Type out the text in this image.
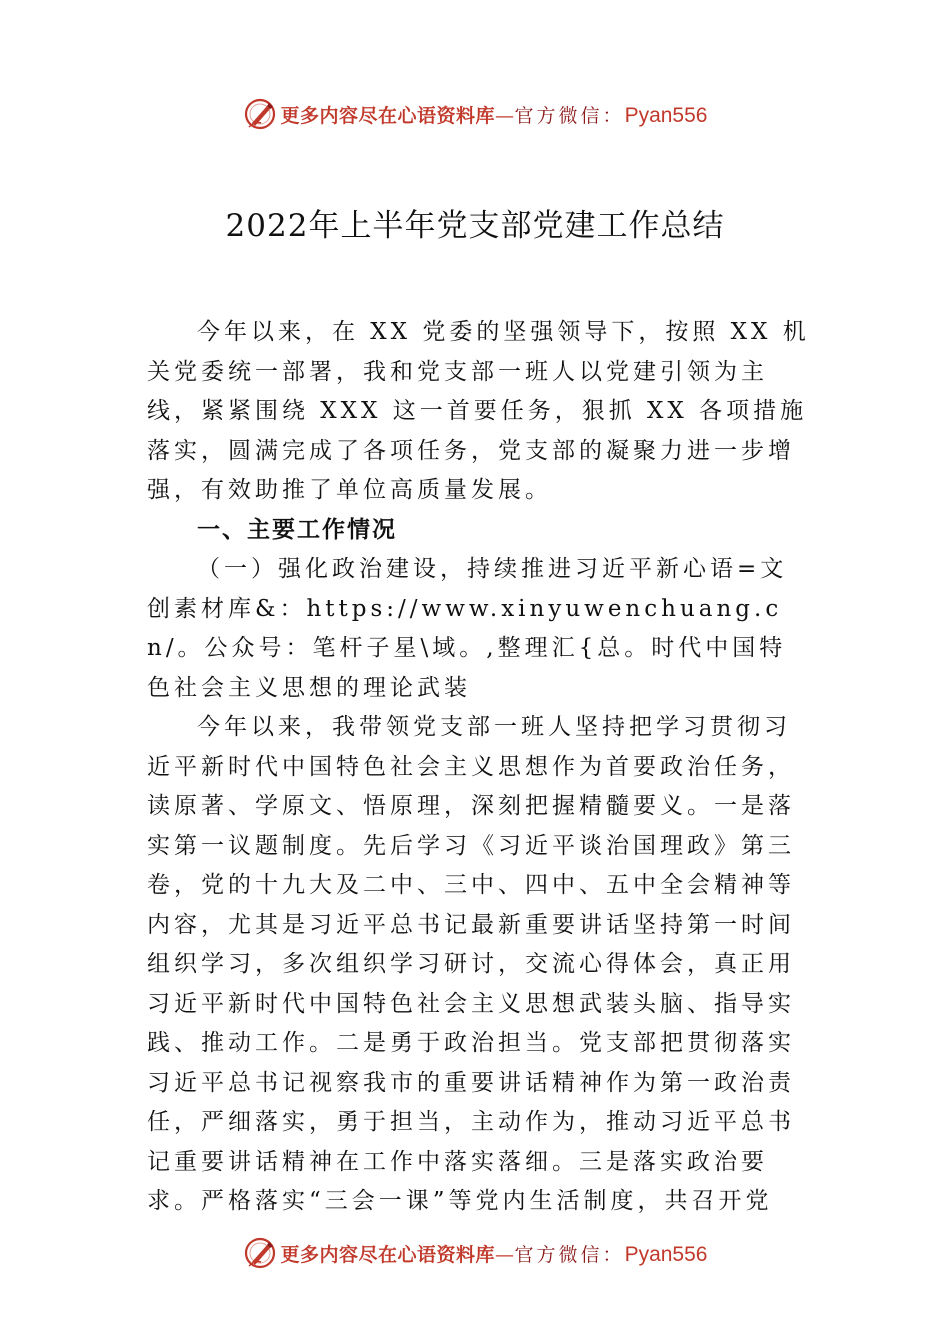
更多内容尽在心语资料库—官方微信：Pyan556
2022年上半年党支部党建工作总结

今年以来，在 XX 党委的坚强领导下，按照 XX 机关党委统一部署，我和党支部一班人以党建引领为主线，紧紧围绕 XXX 这一首要任务，狠抓 XX 各项措施落实，圆满完成了各项任务，党支部的凝聚力进一步增强，有效助推了单位高质量发展。

一、主要工作情况

（一）强化政治建设，持续推进习近平新心语=文创素材库&：https://www.xinyuwenchuang.cn/。公众号：笔杆子星\域。,整理汇{总。时代中国特色社会主义思想的理论武装

今年以来，我带领党支部一班人坚持把学习贯彻习近平新时代中国特色社会主义思想作为首要政治任务，读原著、学原文、悟原理，深刻把握精髓要义。一是落实第一议题制度。先后学习《习近平谈治国理政》第三卷，党的十九大及二中、三中、四中、五中全会精神等内容，尤其是习近平总书记最新重要讲话坚持第一时间组织学习，多次组织学习研讨，交流心得体会，真正用习近平新时代中国特色社会主义思想武装头脑、指导实践、推动工作。二是勇于政治担当。党支部把贯彻落实习近平总书记视察我市的重要讲话精神作为第一政治责任，严细落实，勇于担当，主动作为，推动习近平总书记重要讲话精神在工作中落实落细。三是落实政治要求。严格落实“三会一课”等党内生活制度，共召开党

更多内容尽在心语资料库—官方微信：Pyan556
